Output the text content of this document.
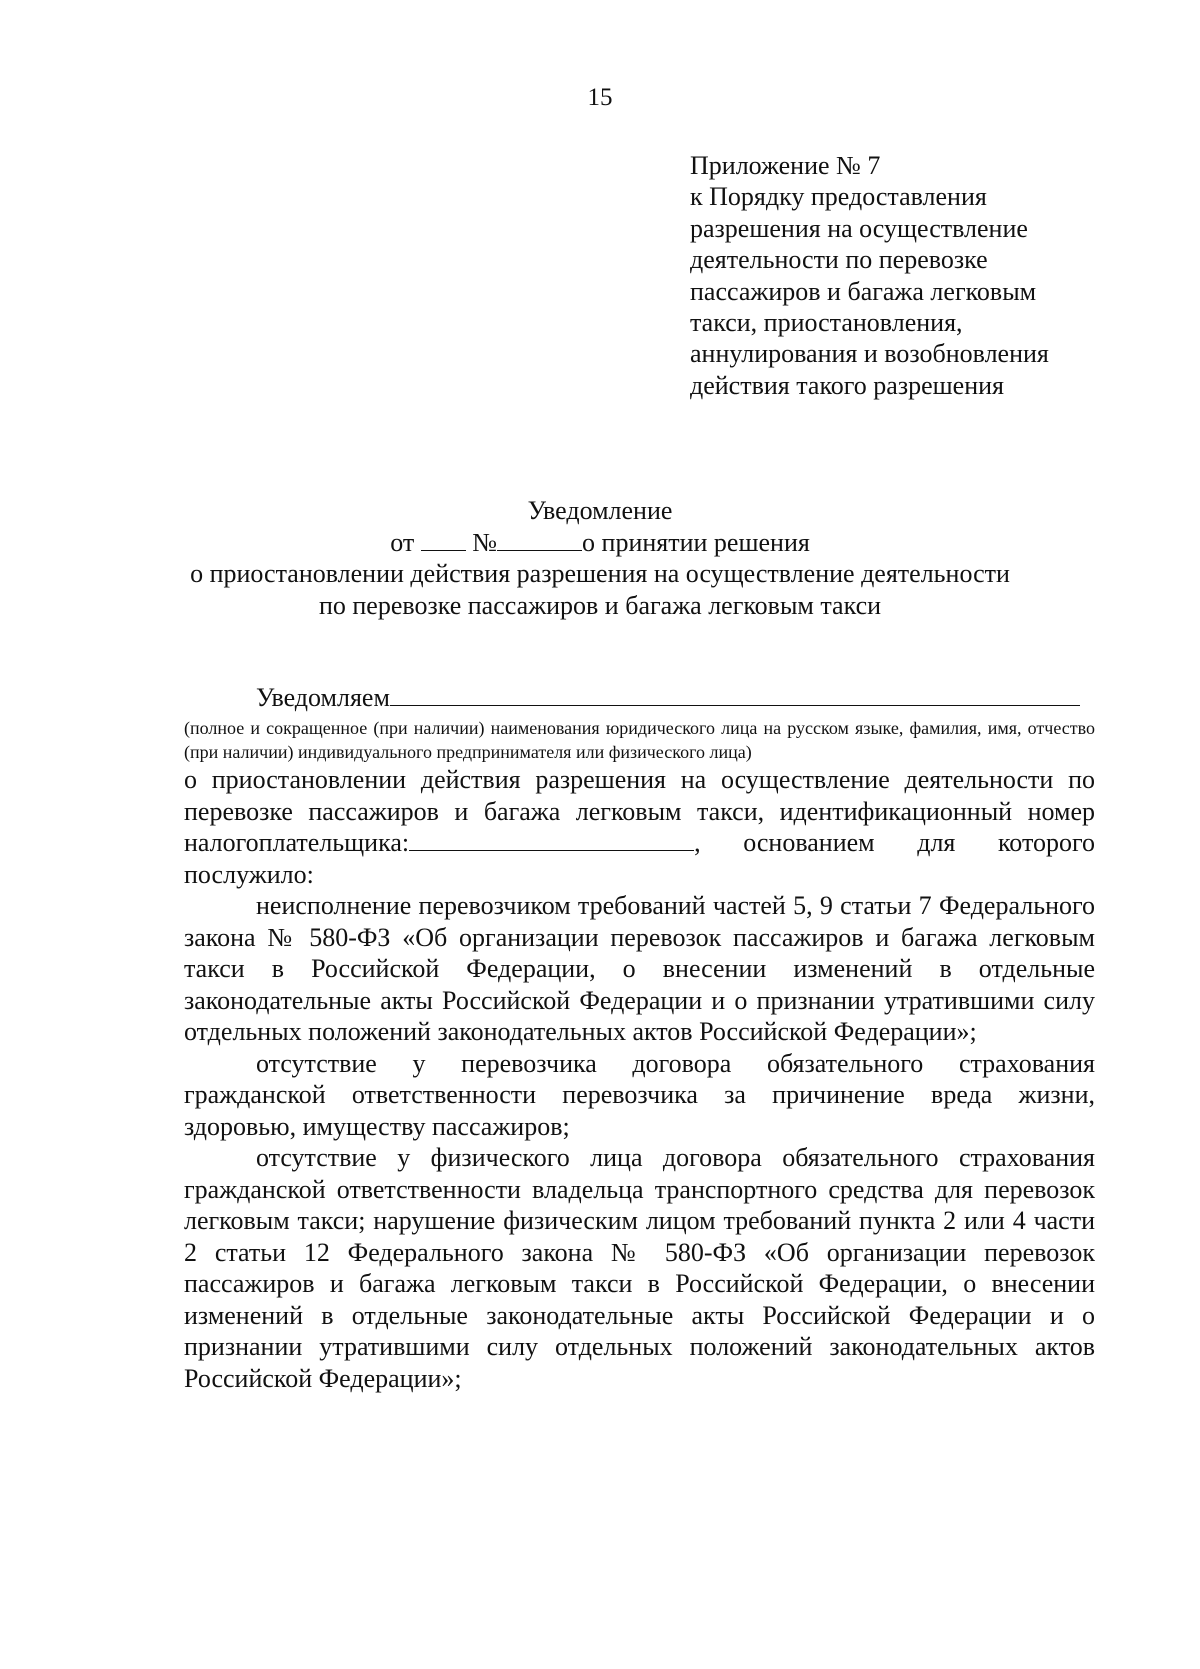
15
Приложение № 7
к Порядку предоставления
разрешения на осуществление
деятельности по перевозке
пассажиров и багажа легковым
такси, приостановления,
аннулирования и возобновления
действия такого разрешения
Уведомление
от №	о принятии решения
о приостановлении действия разрешения на осуществление деятельности
по перевозке пассажиров и багажа легковым такси
Уведомляем
(полное и сокращенное (при наличии) наименования юридического лица на русском языке, фамилия, имя, отчество (при наличии) индивидуального предпринимателя или физического лица)

о приостановлении действия разрешения на осуществление деятельности по перевозке пассажиров и багажа легковым такси, идентификационный номер налогоплательщика:	, основанием для которого послужило:

неисполнение перевозчиком требований частей 5, 9 статьи 7 Федерального закона № 580-ФЗ «Об организации перевозок пассажиров и багажа легковым такси в Российской Федерации, о внесении изменений в отдельные законодательные акты Российской Федерации и о признании утратившими силу отдельных положений законодательных актов Российской Федерации»;

отсутствие у перевозчика договора обязательного страхования гражданской ответственности перевозчика за причинение вреда жизни, здоровью, имуществу пассажиров;

отсутствие у физического лица договора обязательного страхования гражданской ответственности владельца транспортного средства для перевозок легковым такси; нарушение физическим лицом требований пункта 2 или 4 части 2 статьи 12 Федерального закона № 580-ФЗ «Об организации перевозок пассажиров и багажа легковым такси в Российской Федерации, о внесении изменений в отдельные законодательные акты Российской Федерации и о признании утратившими силу отдельных положений законодательных актов Российской Федерации»;
